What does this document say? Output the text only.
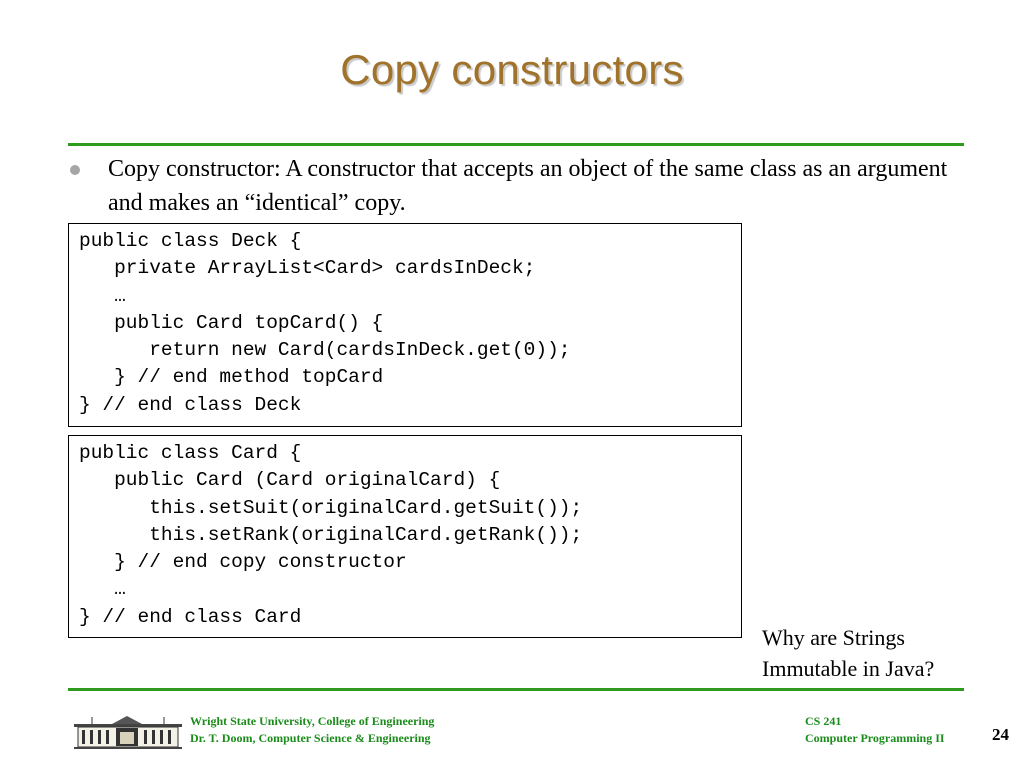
Copy constructors
Copy constructor: A constructor that accepts an object of the same class as an argument and makes an “identical” copy.
public class Deck {
private ArrayList<Card> cardsInDeck;
…
public Card topCard() {
return new Card(cardsInDeck.get(0));
} // end method topCard
} // end class Deck
public class Card {
public Card (Card originalCard) {
this.setSuit(originalCard.getSuit());
this.setRank(originalCard.getRank());
} // end copy constructor
…
} // end class Card
Why are Strings
Immutable in Java?
Wright State University, College of Engineering
Dr. T. Doom, Computer Science & Engineering
CS 241
Computer Programming II	24
